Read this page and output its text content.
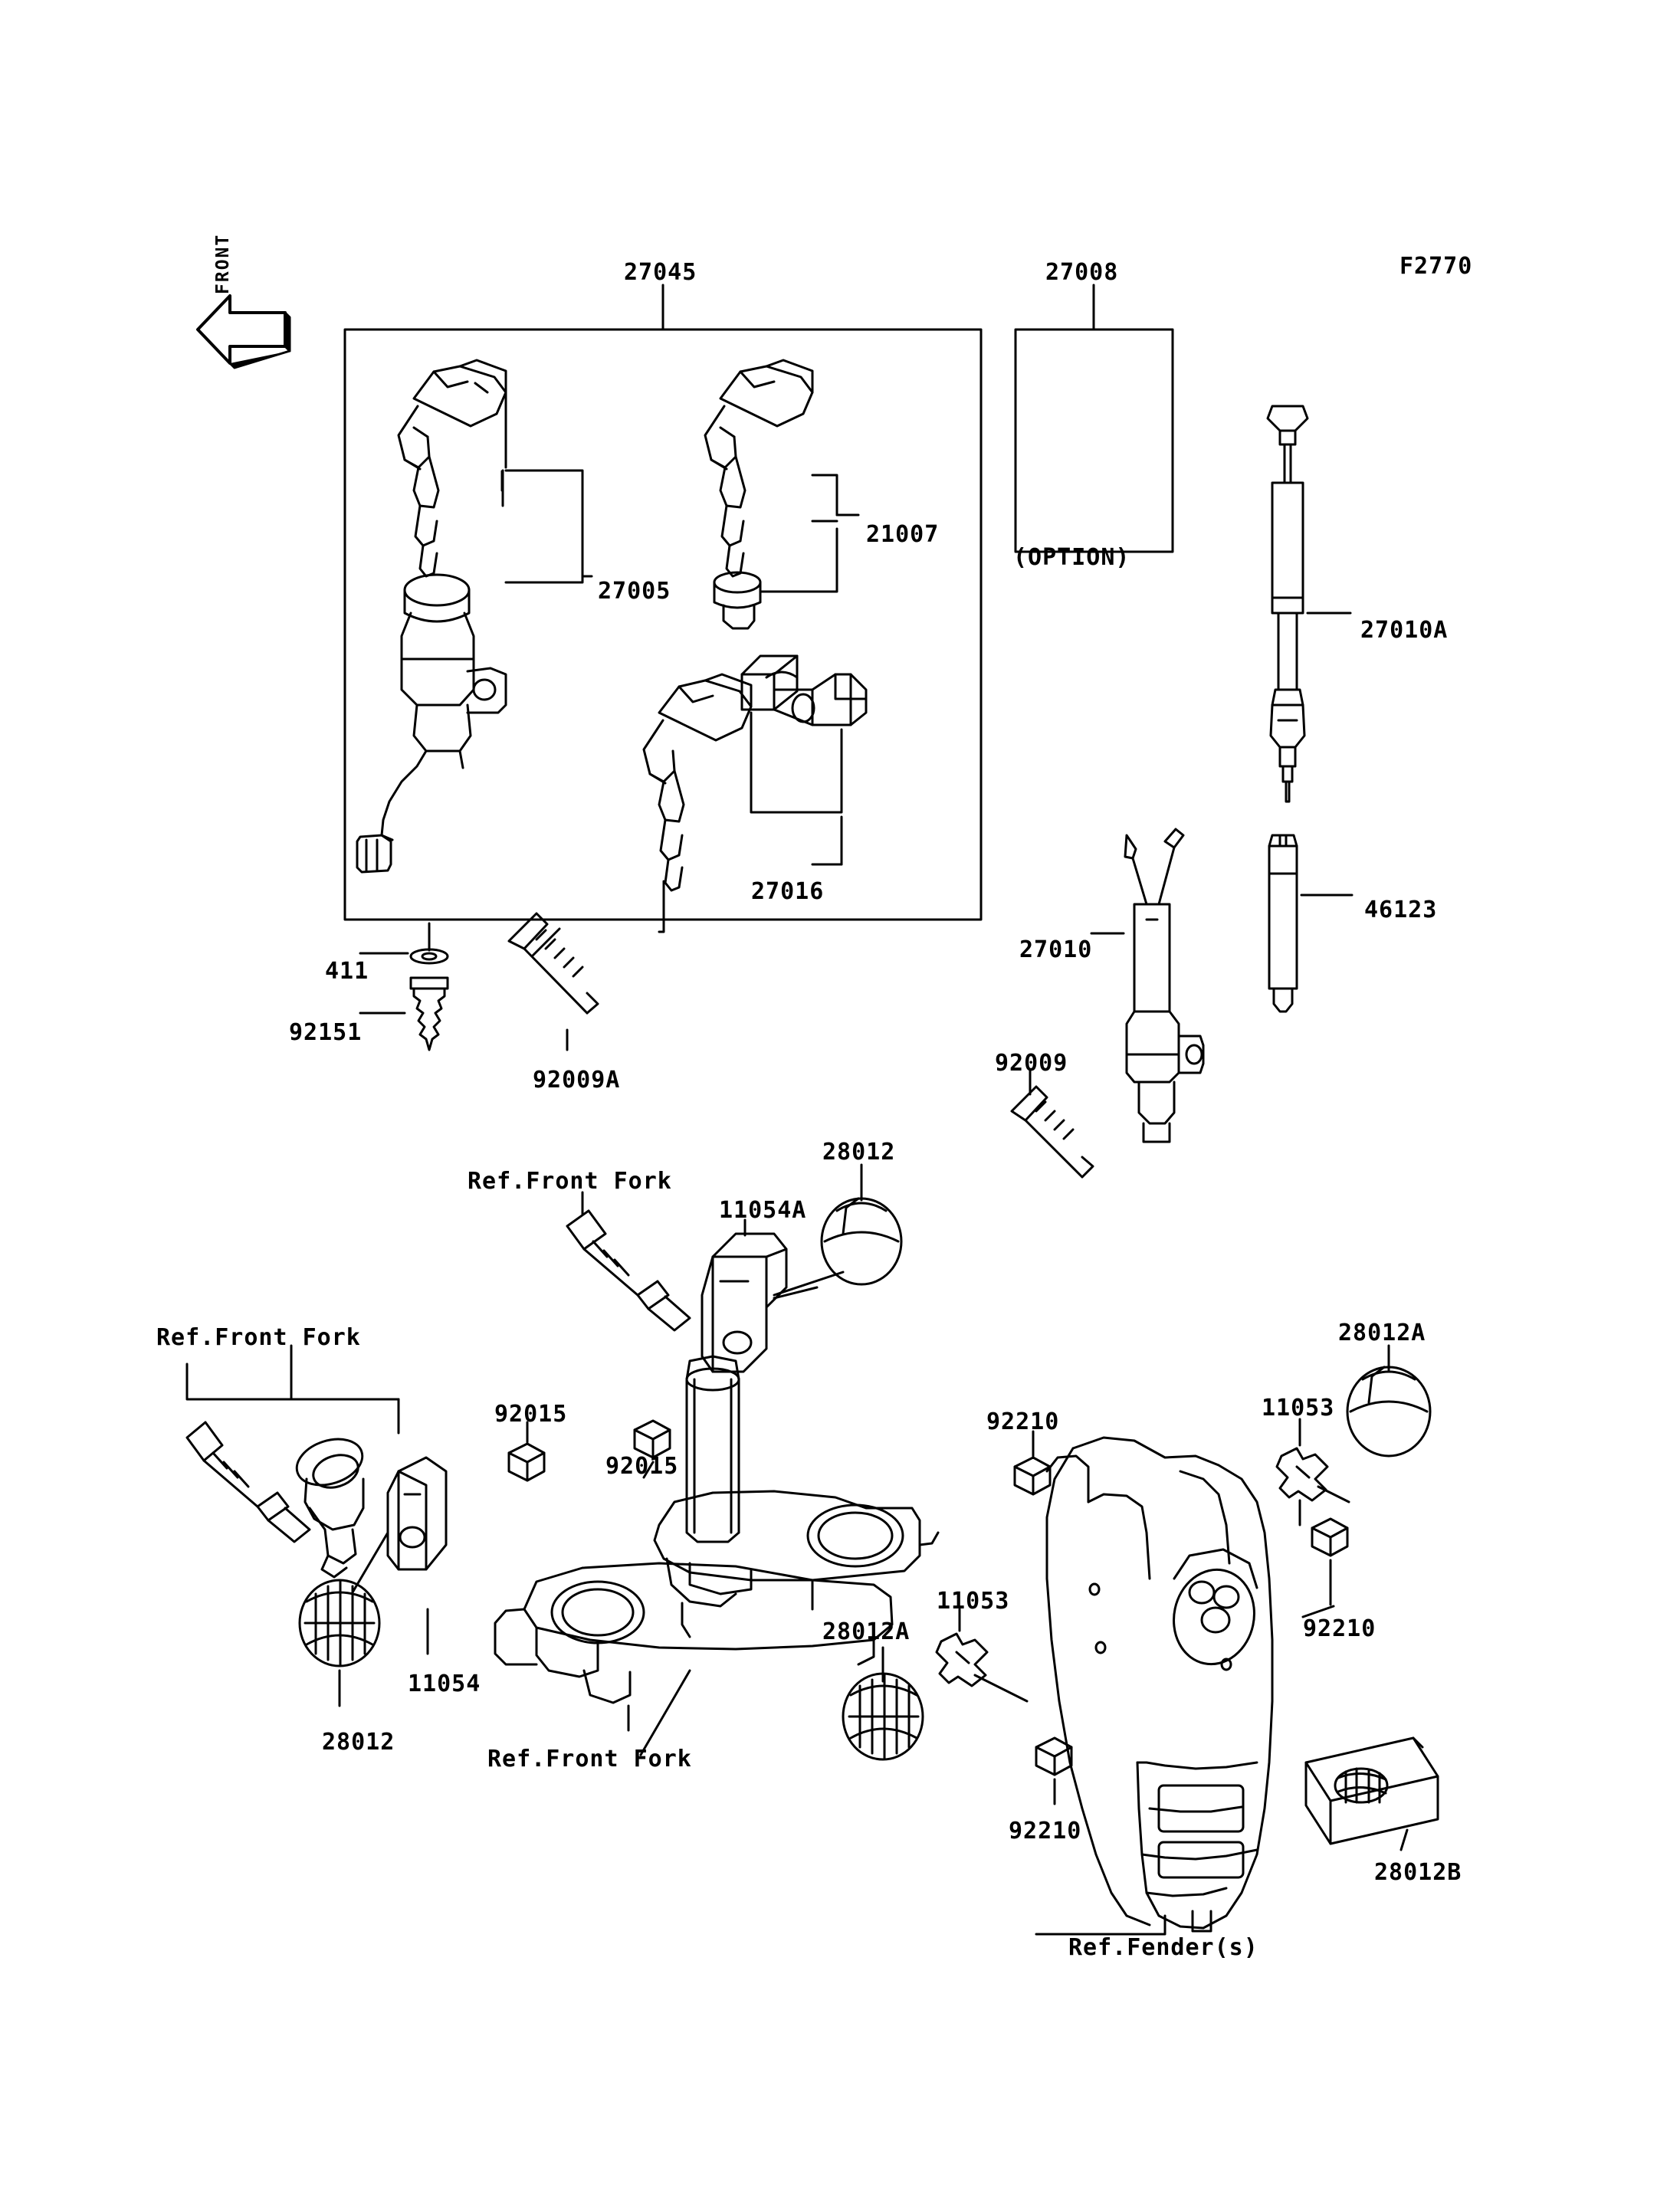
FRONT	27045	27008	F2770
21007
27005
(OPTION)
27010A
27016
46123
27010
411
92151
92009A
92009
Ref.Front Fork
28012
11054A
Ref.Front Fork	28012A
11053
92015
92015
92210
92210
11053
28012A
11054
28012
Ref.Front Fork
92210
28012B
Ref.Fender(s)
